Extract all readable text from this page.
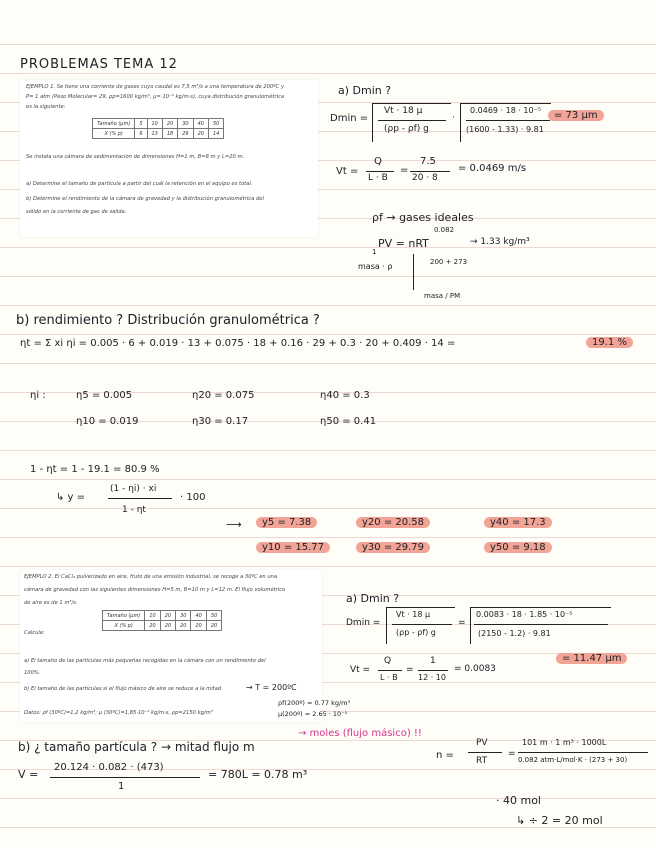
PROBLEMAS TEMA 12

EJEMPLO 1. Se tiene una corriente de gases cuyo caudal es 7,5 m³/s a una temperatura de 200ºC y

P= 1 atm (Peso Molecular= 29, ρp=1600 kg/m³, μ= 10⁻⁵ kg/m·s), cuya distribución granulométrica

es la siguiente:

Tamaño (μm)	5	10	20	30	40	50
X (% p)	6	13	18	29	20	14

Se instala una cámara de sedimentación de dimensiones H=1 m, B=8 m y L=20 m.

a) Determine el tamaño de partícula a partir del cuál la retención en el equipo es total.

b) Determine el rendimiento de la cámara de gravedad y la distribución granulométrica del

sólido en la corriente de gas de salida.

a) Dmin ?
Dmin =
Vt · 18 μ
(ρp - ρf) g
·
0.0469 · 18 · 10⁻⁵
(1600 - 1.33) · 9.81
= 73 μm
Vt =
Q
L · B
=
7.5
20 · 8
= 0.0469 m/s
ρf → gases ideales
0.082
PV = nRT
1
200 + 273
→ 1.33 kg/m³
masa · ρ
masa / PM
b) rendimiento ? Distribución granulométrica ?
ηt = Σ xi ηi = 0.005 · 6 + 0.019 · 13 + 0.075 · 18 + 0.16 · 29 + 0.3 · 20 + 0.409 · 14 =	19.1 %
ηi :	η5 = 0.005	η20 = 0.075	η40 = 0.3
η10 = 0.019	η30 = 0.17	η50 = 0.41
1 - ηt = 1 - 19.1 = 80.9 %
↳ y =
(1 - ηi) · xi
1 - ηt
· 100
⟶	y5 = 7.38	y20 = 20.58	y40 = 17.3
y10 = 15.77	y30 = 29.79	y50 = 9.18

EJEMPLO 2. El CaCl₂ pulverizado en aire, fruto de una emisión industrial, se recoge a 30ºC en una

cámara de gravedad con las siguientes dimensiones H=5 m, B=10 m y L=12 m. El flujo volumétrico

de aire es de 1 m³/s.

Tamaño (μm)	10	20	30	40	50
X (% p)	20	20	20	20	20

Calcule:

a) El tamaño de las partículas más pequeñas recogidas en la cámara con un rendimiento del

100%.

b) El tamaño de las partículas si el flujo másico de aire se reduce a la mitad

Datos: ρf (30ºC)=1,2 kg/m³; μ (30ºC)=1,85·10⁻⁵ kg/m·s, ρp=2150 kg/m³

→ T = 200ºC
ρf(200º) = 0.77 kg/m³
μ(200º) = 2.65 · 10⁻⁵
a) Dmin ?
Dmin =
Vt · 18 μ
(ρp - ρf) g
=
0.0083 · 18 · 1.85 · 10⁻⁵
(2150 - 1.2) · 9.81
Vt =
Q
L · B
=
1
12 · 10
= 0.0083
= 11.47 μm
b) ¿ tamaño partícula ? → mitad flujo m
→ moles (flujo másico) !!
n =
PV
RT
=
101 m · 1 m³ · 1000L
0.082 atm·L/mol·K · (273 + 30)
V =
20.124 · 0.082 · (473)
1
= 780L = 0.78 m³
· 40 mol
↳ ÷ 2 = 20 mol
